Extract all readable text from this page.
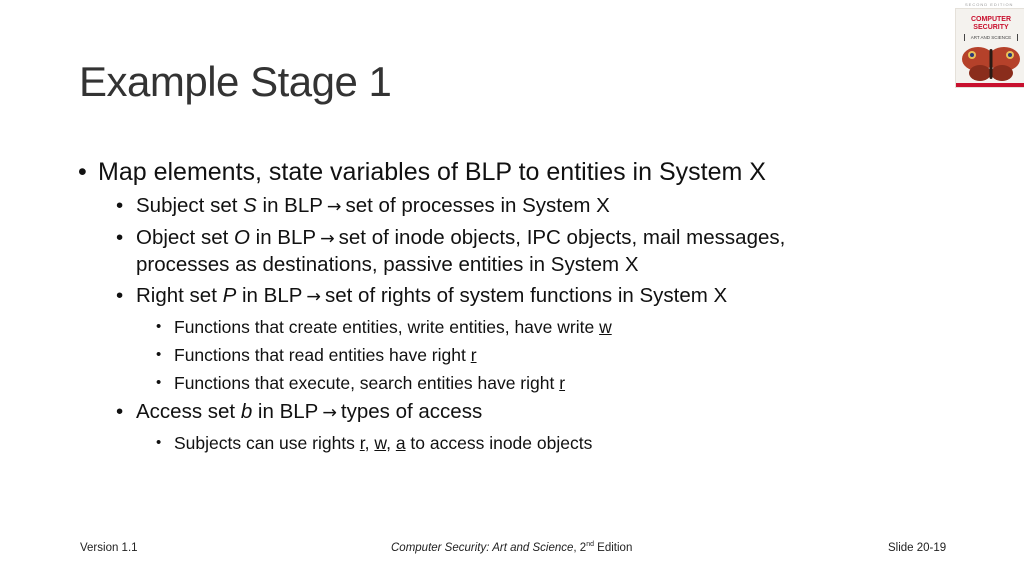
Example Stage 1
SECOND EDITION
COMPUTER
SECURITY
ART AND SCIENCE
• Map elements, state variables of BLP to entities in System X
• Subject set S in BLP → set of processes in System X
• Object set O in BLP → set of inode objects, IPC objects, mail messages,
processes as destinations, passive entities in System X
• Right set P in BLP → set of rights of system functions in System X
• Functions that create entities, write entities, have write w
• Functions that read entities have right r
• Functions that execute, search entities have right r
• Access set b in BLP → types of access
• Subjects can use rights r, w, a to access inode objects
Version 1.1	Computer Security: Art and Science, 2nd Edition	Slide 20-19
